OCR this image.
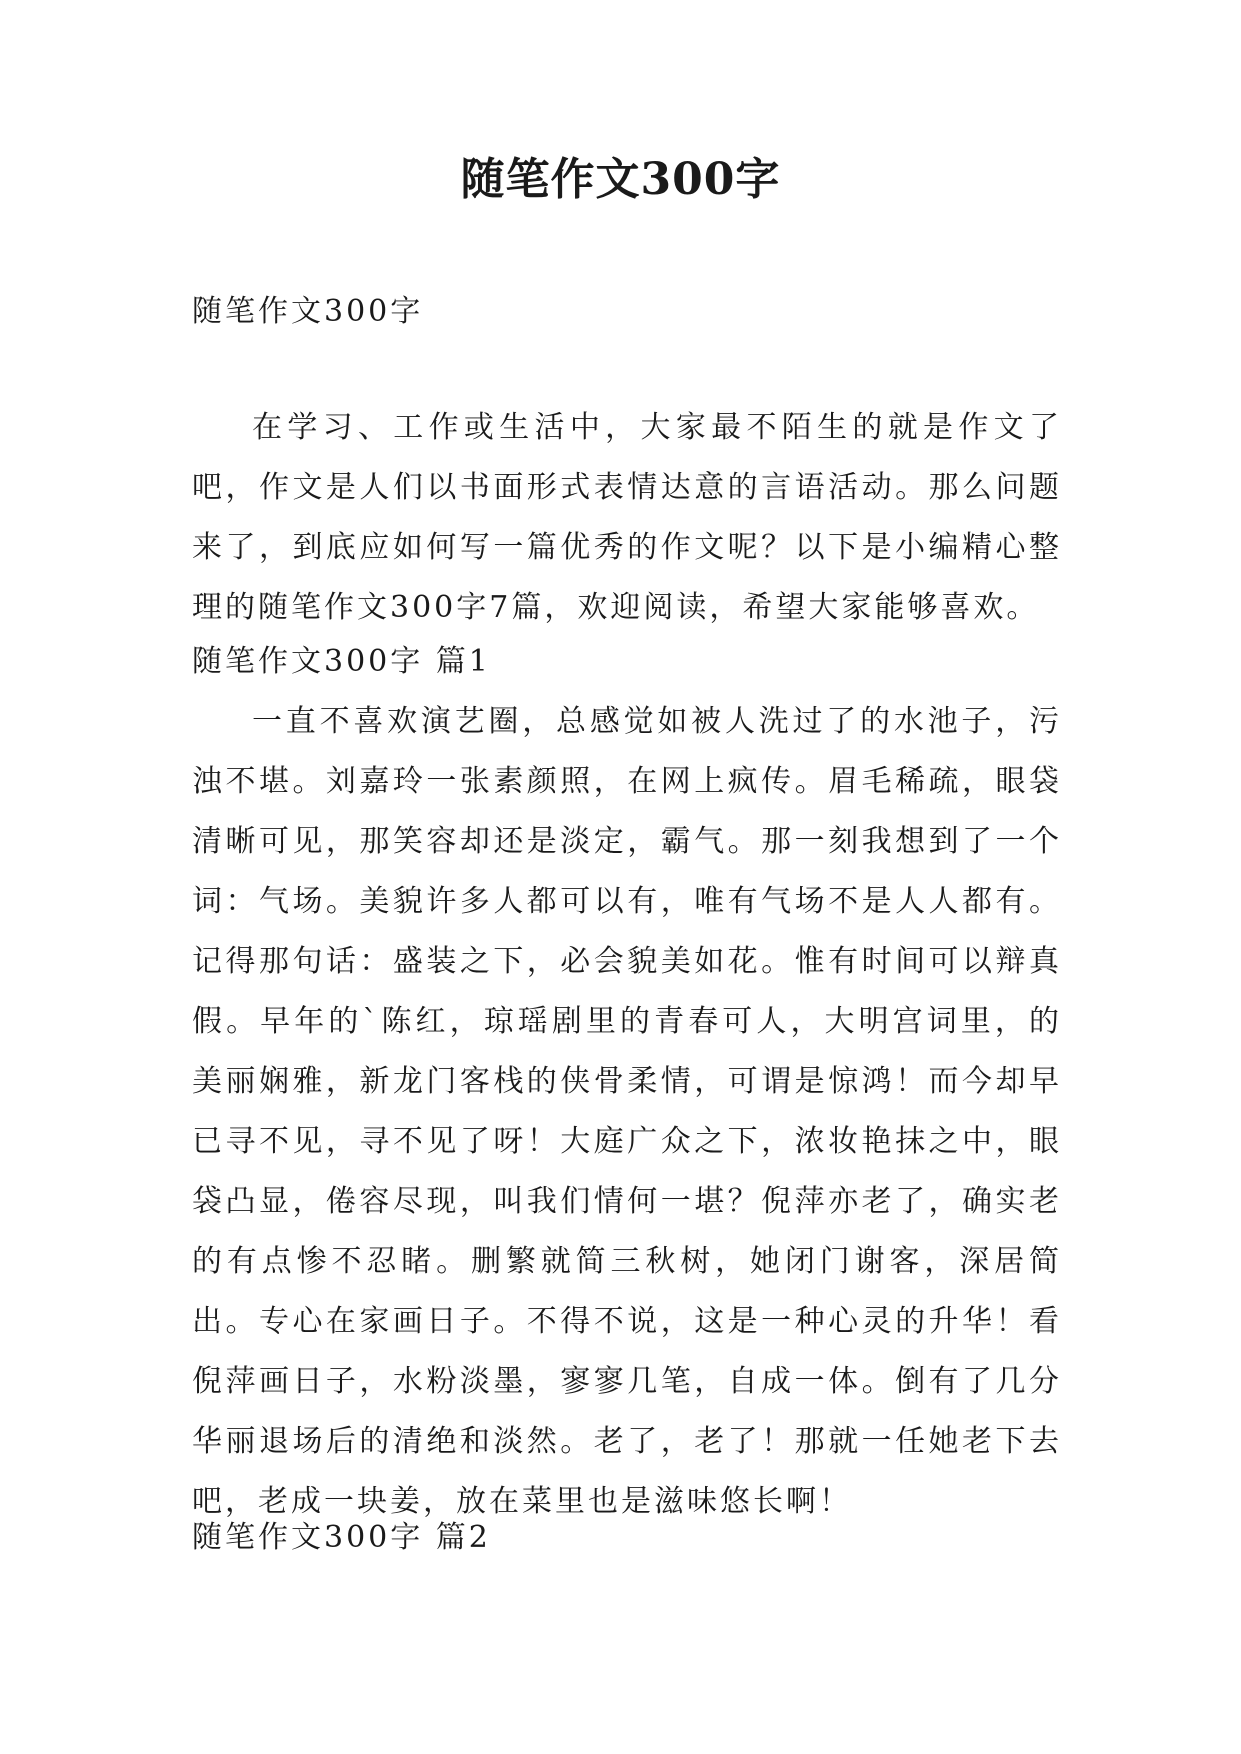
随笔作文300字
随笔作文300字
在学习、工作或生活中，大家最不陌生的就是作文了吧，作文是人们以书面形式表情达意的言语活动。那么问题来了，到底应如何写一篇优秀的作文呢？以下是小编精心整理的随笔作文300字7篇，欢迎阅读，希望大家能够喜欢。
随笔作文300字 篇1
一直不喜欢演艺圈，总感觉如被人洗过了的水池子，污浊不堪。刘嘉玲一张素颜照，在网上疯传。眉毛稀疏，眼袋清晰可见，那笑容却还是淡定，霸气。那一刻我想到了一个词：气场。美貌许多人都可以有，唯有气场不是人人都有。记得那句话：盛装之下，必会貌美如花。惟有时间可以辩真假。早年的`陈红，琼瑶剧里的青春可人，大明宫词里，的美丽娴雅，新龙门客栈的侠骨柔情，可谓是惊鸿！而今却早已寻不见，寻不见了呀！大庭广众之下，浓妆艳抹之中，眼袋凸显，倦容尽现，叫我们情何一堪？倪萍亦老了，确实老的有点惨不忍睹。删繁就简三秋树，她闭门谢客，深居简出。专心在家画日子。不得不说，这是一种心灵的升华！看倪萍画日子，水粉淡墨，寥寥几笔，自成一体。倒有了几分华丽退场后的清绝和淡然。老了，老了！那就一任她老下去吧，老成一块姜，放在菜里也是滋味悠长啊！
随笔作文300字 篇2
